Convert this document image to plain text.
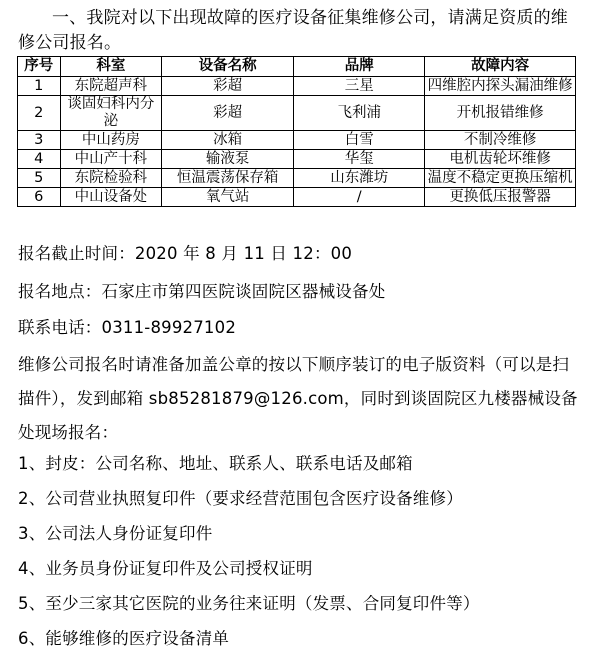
一、我院对以下出现故障的医疗设备征集维修公司，请满足资质的维修公司报名。
序号	科室	设备名称	品牌	故障内容
1	东院超声科	彩超	三星	四维腔内探头漏油维修
2	谈固妇科内分泌	彩超	飞利浦	开机报错维修
3	中山药房	冰箱	白雪	不制冷维修
4	中山产十科	输液泵	华玺	电机齿轮坏维修
5	东院检验科	恒温震荡保存箱	山东潍坊	温度不稳定更换压缩机
6	中山设备处	氧气站	/	更换低压报警器
报名截止时间：2020 年 8 月 11 日 12：00
报名地点：石家庄市第四医院谈固院区器械设备处
联系电话：0311-89927102
维修公司报名时请准备加盖公章的按以下顺序装订的电子版资料（可以是扫描件），发到邮箱 sb85281879@126.com，同时到谈固院区九楼器械设备处现场报名：
1、封皮：公司名称、地址、联系人、联系电话及邮箱
2、公司营业执照复印件（要求经营范围包含医疗设备维修）
3、公司法人身份证复印件
4、业务员身份证复印件及公司授权证明
5、至少三家其它医院的业务往来证明（发票、合同复印件等）
6、能够维修的医疗设备清单
